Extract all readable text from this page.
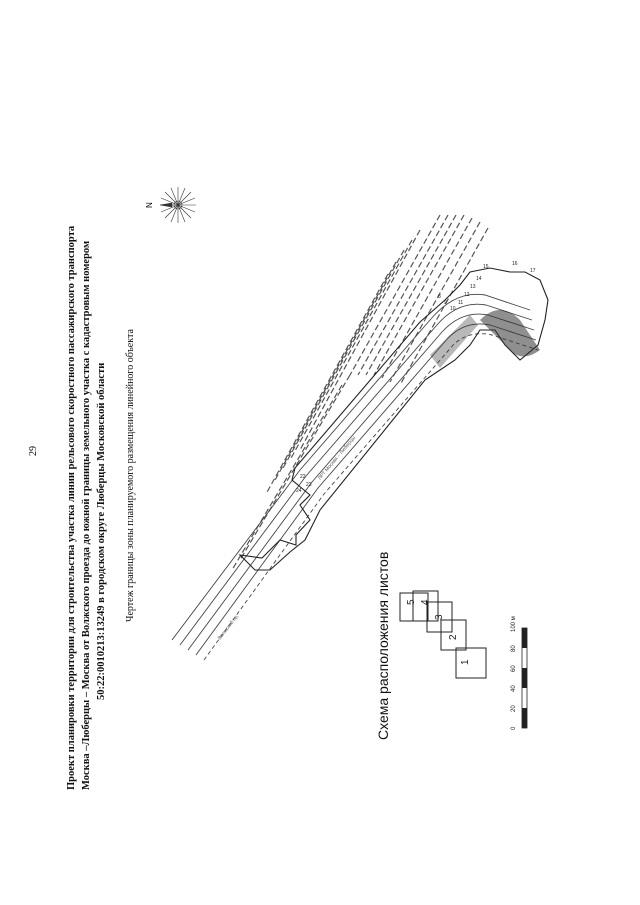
29	Проект планировки территории для строительства участка линии рельсового скоростного пассажирского транспорта Москва –Люберцы – Москва от Волжского проезда до южной границы земельного участка с кадастровым номером 50:22:0010213:13249 в городском округе Люберцы Московской области Чертеж границы зоны планируемого размещения линейного объекта
Схема расположения листов
N
Волжский пр.
ЛРТ Москва – Люберцы
16
17
15
14
13
12
11
8
9
10
22
23
24
1
2
3
4
5
0
20
40
60
80
100 м
